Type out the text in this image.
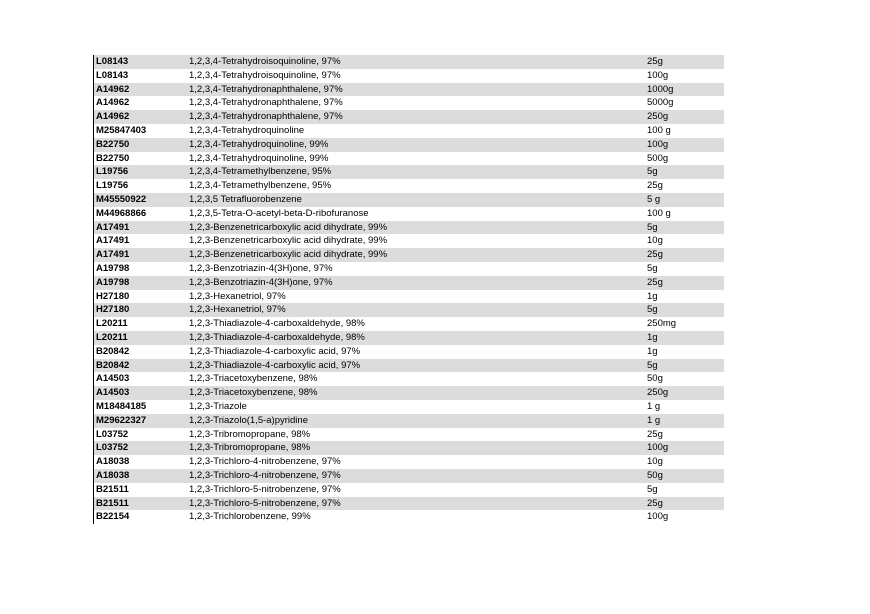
L08143	1,2,3,4-Tetrahydroisoquinoline, 97%	25g
L08143	1,2,3,4-Tetrahydroisoquinoline, 97%	100g
A14962	1,2,3,4-Tetrahydronaphthalene, 97%	1000g
A14962	1,2,3,4-Tetrahydronaphthalene, 97%	5000g
A14962	1,2,3,4-Tetrahydronaphthalene, 97%	250g
M25847403	1,2,3,4-Tetrahydroquinoline	100 g
B22750	1,2,3,4-Tetrahydroquinoline, 99%	100g
B22750	1,2,3,4-Tetrahydroquinoline, 99%	500g
L19756	1,2,3,4-Tetramethylbenzene, 95%	5g
L19756	1,2,3,4-Tetramethylbenzene, 95%	25g
M45550922	1,2,3,5 Tetrafluorobenzene	5 g
M44968866	1,2,3,5-Tetra-O-acetyl-beta-D-ribofuranose	100 g
A17491	1,2,3-Benzenetricarboxylic acid dihydrate, 99%	5g
A17491	1,2,3-Benzenetricarboxylic acid dihydrate, 99%	10g
A17491	1,2,3-Benzenetricarboxylic acid dihydrate, 99%	25g
A19798	1,2,3-Benzotriazin-4(3H)one, 97%	5g
A19798	1,2,3-Benzotriazin-4(3H)one, 97%	25g
H27180	1,2,3-Hexanetriol, 97%	1g
H27180	1,2,3-Hexanetriol, 97%	5g
L20211	1,2,3-Thiadiazole-4-carboxaldehyde, 98%	250mg
L20211	1,2,3-Thiadiazole-4-carboxaldehyde, 98%	1g
B20842	1,2,3-Thiadiazole-4-carboxylic acid, 97%	1g
B20842	1,2,3-Thiadiazole-4-carboxylic acid, 97%	5g
A14503	1,2,3-Triacetoxybenzene, 98%	50g
A14503	1,2,3-Triacetoxybenzene, 98%	250g
M18484185	1,2,3-Triazole	1 g
M29622327	1,2,3-Triazolo(1,5-a)pyridine	1 g
L03752	1,2,3-Tribromopropane, 98%	25g
L03752	1,2,3-Tribromopropane, 98%	100g
A18038	1,2,3-Trichloro-4-nitrobenzene, 97%	10g
A18038	1,2,3-Trichloro-4-nitrobenzene, 97%	50g
B21511	1,2,3-Trichloro-5-nitrobenzene, 97%	5g
B21511	1,2,3-Trichloro-5-nitrobenzene, 97%	25g
B22154	1,2,3-Trichlorobenzene, 99%	100g
